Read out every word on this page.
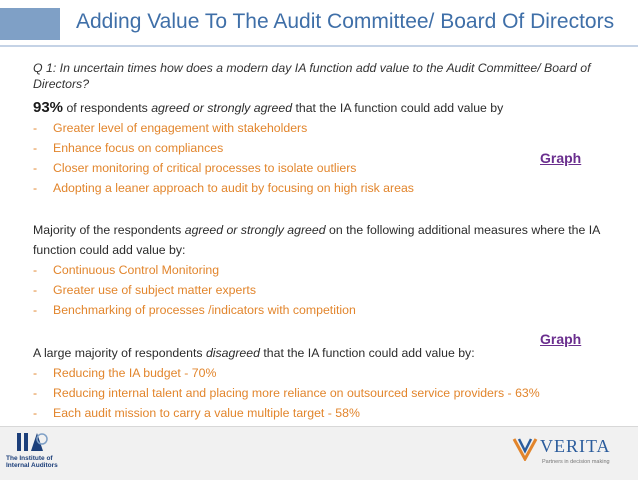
Adding Value To The Audit Committee/ Board Of Directors
Q 1: In uncertain times how does a modern day IA function add value to the Audit Committee/ Board of Directors?
93% of respondents agreed or strongly agreed that the IA function could add value by
- Greater level of engagement with stakeholders
- Enhance focus on compliances
- Closer monitoring of critical processes to isolate outliers
- Adopting a leaner approach to audit by focusing on high risk areas
Graph
Majority of the respondents agreed or strongly agreed on the following additional measures where the IA function could add value by:
- Continuous Control Monitoring
- Greater use of subject matter experts
- Benchmarking of processes /indicators with competition
Graph
A large majority of respondents disagreed that the IA function could add value by:
- Reducing the IA budget - 70%
- Reducing internal talent and placing more reliance on outsourced service providers - 63%
- Each audit mission to carry a value multiple target - 58%
The Institute of
Internal Auditors
VERITA
Partners in decision making
